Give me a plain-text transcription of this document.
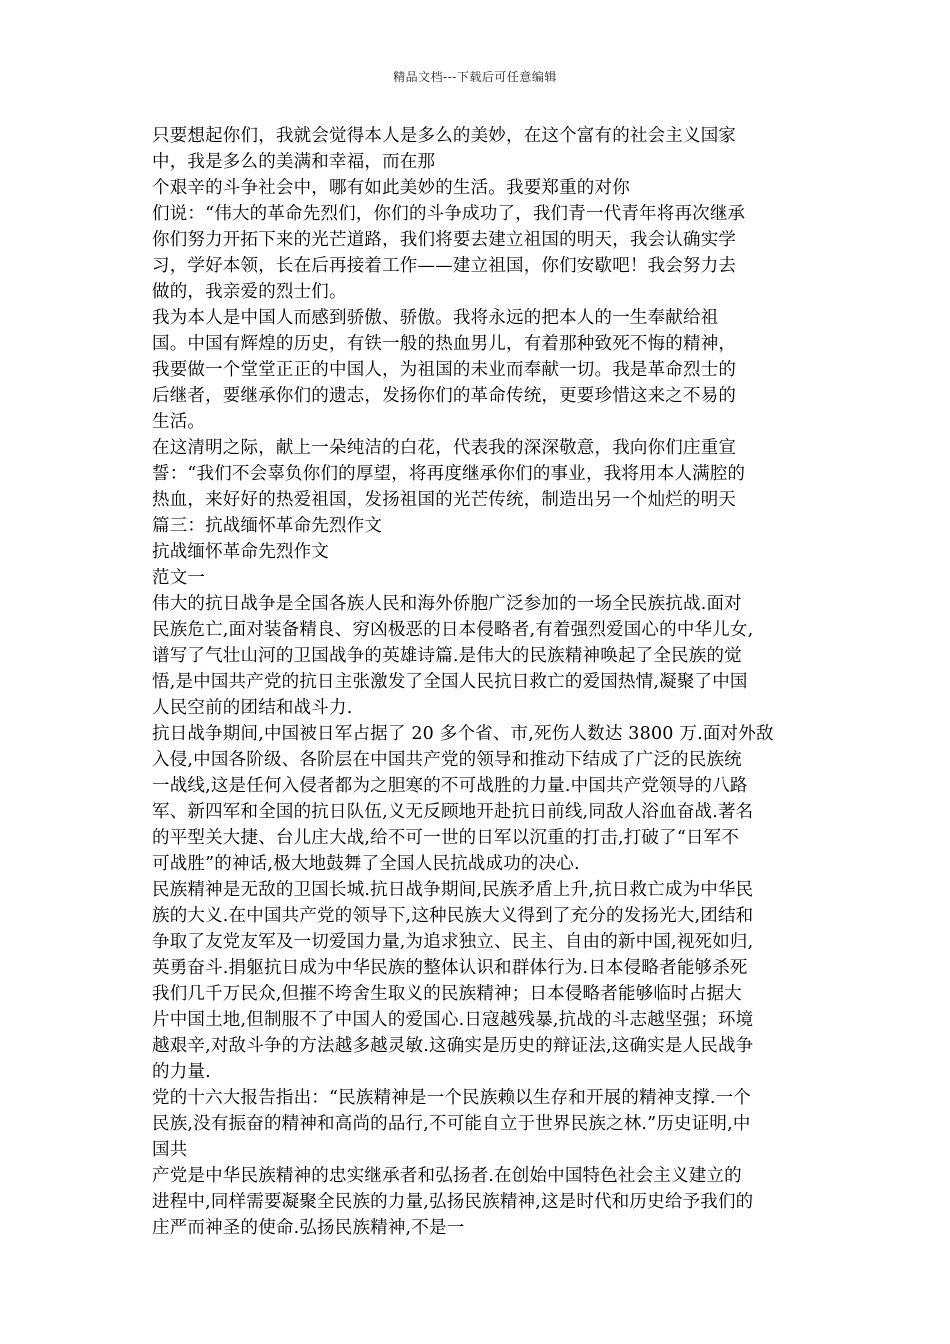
精品文档---下载后可任意编辑
只要想起你们，我就会觉得本人是多么的美妙，在这个富有的社会主义国家
中，我是多么的美满和幸福，而在那
个艰辛的斗争社会中，哪有如此美妙的生活。我要郑重的对你
们说：“伟大的革命先烈们，你们的斗争成功了，我们青一代青年将再次继承
你们努力开拓下来的光芒道路，我们将要去建立祖国的明天，我会认确实学
习，学好本领，长在后再接着工作——建立祖国，你们安歇吧！我会努力去
做的，我亲爱的烈士们。
我为本人是中国人而感到骄傲、骄傲。我将永远的把本人的一生奉献给祖
国。中国有辉煌的历史，有铁一般的热血男儿，有着那种致死不悔的精神，
我要做一个堂堂正正的中国人，为祖国的未业而奉献一切。我是革命烈士的
后继者，要继承你们的遗志，发扬你们的革命传统，更要珍惜这来之不易的
生活。
在这清明之际，献上一朵纯洁的白花，代表我的深深敬意，我向你们庄重宣
誓：“我们不会辜负你们的厚望，将再度继承你们的事业，我将用本人满腔的
热血，来好好的热爱祖国，发扬祖国的光芒传统，制造出另一个灿烂的明天
篇三：抗战缅怀革命先烈作文
抗战缅怀革命先烈作文
范文一
伟大的抗日战争是全国各族人民和海外侨胞广泛参加的一场全民族抗战.面对
民族危亡,面对装备精良、穷凶极恶的日本侵略者,有着强烈爱国心的中华儿女,
谱写了气壮山河的卫国战争的英雄诗篇.是伟大的民族精神唤起了全民族的觉
悟,是中国共产党的抗日主张激发了全国人民抗日救亡的爱国热情,凝聚了中国
人民空前的团结和战斗力.
抗日战争期间,中国被日军占据了 20 多个省、市,死伤人数达 3800 万.面对外敌
入侵,中国各阶级、各阶层在中国共产党的领导和推动下结成了广泛的民族统
一战线,这是任何入侵者都为之胆寒的不可战胜的力量.中国共产党领导的八路
军、新四军和全国的抗日队伍,义无反顾地开赴抗日前线,同敌人浴血奋战.著名
的平型关大捷、台儿庄大战,给不可一世的日军以沉重的打击,打破了“日军不
可战胜”的神话,极大地鼓舞了全国人民抗战成功的决心.
民族精神是无敌的卫国长城.抗日战争期间,民族矛盾上升,抗日救亡成为中华民
族的大义.在中国共产党的领导下,这种民族大义得到了充分的发扬光大,团结和
争取了友党友军及一切爱国力量,为追求独立、民主、自由的新中国,视死如归,
英勇奋斗.捐躯抗日成为中华民族的整体认识和群体行为.日本侵略者能够杀死
我们几千万民众,但摧不垮舍生取义的民族精神；日本侵略者能够临时占据大
片中国土地,但制服不了中国人的爱国心.日寇越残暴,抗战的斗志越坚强；环境
越艰辛,对敌斗争的方法越多越灵敏.这确实是历史的辩证法,这确实是人民战争
的力量.
党的十六大报告指出：“民族精神是一个民族赖以生存和开展的精神支撑.一个
民族,没有振奋的精神和高尚的品行,不可能自立于世界民族之林.”历史证明,中
国共
产党是中华民族精神的忠实继承者和弘扬者.在创始中国特色社会主义建立的
进程中,同样需要凝聚全民族的力量,弘扬民族精神,这是时代和历史给予我们的
庄严而神圣的使命.弘扬民族精神,不是一
